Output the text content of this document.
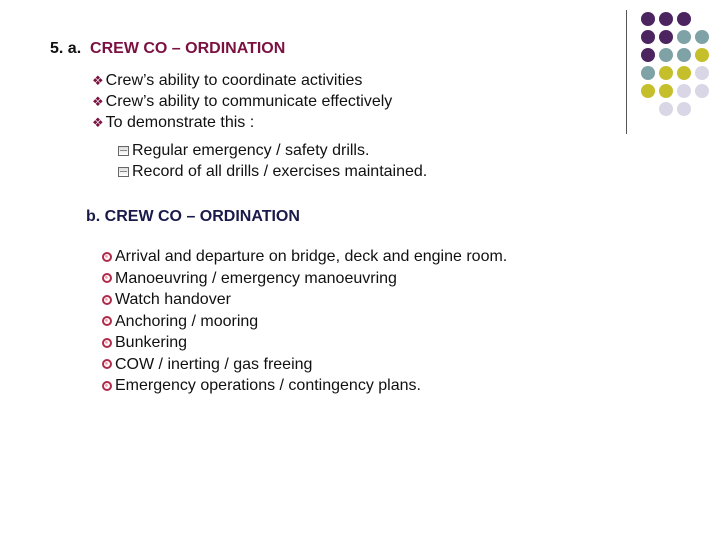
5. a. CREW CO – ORDINATION
❖ Crew’s ability to coordinate activities
❖ Crew’s ability to communicate effectively
❖ To demonstrate this :
Regular emergency / safety drills.
Record of all drills / exercises maintained.
b. CREW CO – ORDINATION
Arrival and departure on bridge, deck and engine room.
Manoeuvring / emergency manoeuvring
Watch handover
Anchoring / mooring
Bunkering
COW / inerting / gas freeing
Emergency operations / contingency plans.
